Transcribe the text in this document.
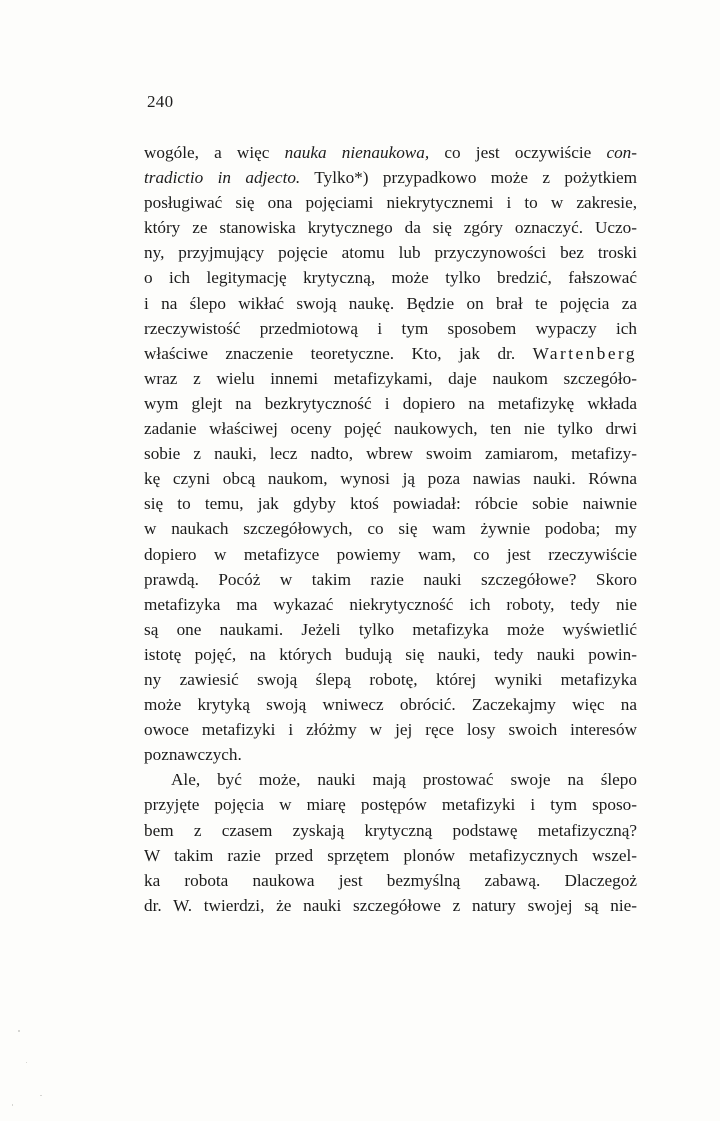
240
wogóle, a więc nauka nienaukowa, co jest oczywiście con-
tradictio in adjecto. Tylko*) przypadkowo może z pożytkiem
posługiwać się ona pojęciami niekrytycznemi i to w zakresie,
który ze stanowiska krytycznego da się zgóry oznaczyć. Uczo-
ny, przyjmujący pojęcie atomu lub przyczynowości bez troski
o ich legitymację krytyczną, może tylko bredzić, fałszować
i na ślepo wikłać swoją naukę. Będzie on brał te pojęcia za
rzeczywistość przedmiotową i tym sposobem wypaczy ich
właściwe znaczenie teoretyczne. Kto, jak dr. Wartenberg
wraz z wielu innemi metafizykami, daje naukom szczegóło-
wym glejt na bezkrytyczność i dopiero na metafizykę wkłada
zadanie właściwej oceny pojęć naukowych, ten nie tylko drwi
sobie z nauki, lecz nadto, wbrew swoim zamiarom, metafizy-
kę czyni obcą naukom, wynosi ją poza nawias nauki. Równa
się to temu, jak gdyby ktoś powiadał: róbcie sobie naiwnie
w naukach szczegółowych, co się wam żywnie podoba; my
dopiero w metafizyce powiemy wam, co jest rzeczywiście
prawdą. Pocóż w takim razie nauki szczegółowe? Skoro
metafizyka ma wykazać niekrytyczność ich roboty, tedy nie
są one naukami. Jeżeli tylko metafizyka może wyświetlić
istotę pojęć, na których budują się nauki, tedy nauki powin-
ny zawiesić swoją ślepą robotę, której wyniki metafizyka
może krytyką swoją wniwecz obrócić. Zaczekajmy więc na
owoce metafizyki i złóżmy w jej ręce losy swoich interesów
poznawczych.
Ale, być może, nauki mają prostować swoje na ślepo
przyjęte pojęcia w miarę postępów metafizyki i tym sposo-
bem z czasem zyskają krytyczną podstawę metafizyczną?
W takim razie przed sprzętem plonów metafizycznych wszel-
ka robota naukowa jest bezmyślną zabawą. Dlaczegoż
dr. W. twierdzi, że nauki szczegółowe z natury swojej są nie-
